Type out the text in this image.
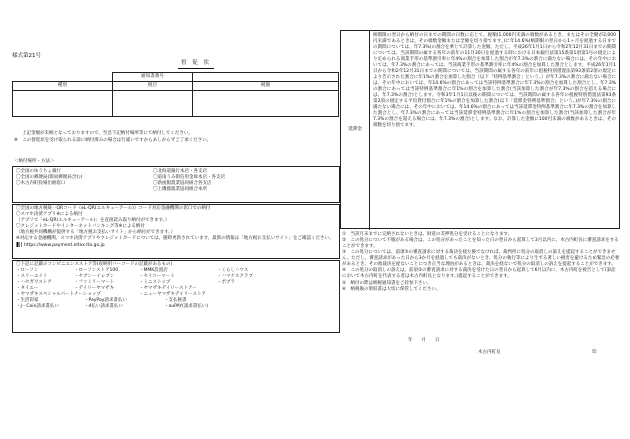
様式第21号
督 促 状
	通知書番号	
種別	税目	税額

上記金額が未納となっておりますので、至急下記納付場所等にて納付してください。
※　この督促状を受け取られる前に納付済みの場合は行違いですからあしからずご了承ください。
＜納付場所・方法＞
〇全国のゆうちょ銀行	〇北海道銀行本店・各支店
〇全国の郵便局(簡易郵便局含む)	〇道南うみ街信用金庫本店・各支店
〇木古内町役場出納窓口	〇新函館農業協同組合各支店
〇上磯郡漁業協同組合本所
〇全国の地方税統一QRコード（eL-QR(エルキューアール)）コード対応金融機関の窓口での納付
〇スマホ決済アプリ※による納付
（アプリで「eL-QR(エルキューアール)」を直接読み取り納付ができます。）
〇クレジットカードやインターネットバンキング等※による納付
（地方税共同機構が提供する「地方税お支払いサイト」から納付ができます。）
※対応する金融機関、スマホ決済アプリやクレジットカードについては、随時更新されています。最新の情報は「地方税お支払いサイト」をご確認ください。
https://www.payment.eltax.lta.go.jp
〇下記に記載のコンビニエンスストア等(収納用バーコードの記載があるもの)
・ローソン	・ローソンストア100	・MMK設置店	・くらしハウス
・スリーエイト	・セブン－イレブン	・セイコーマート	・ハマナスクラブ
・ハセガワストア	・ファミリーマート	・ミニストップ	・ポプラ
・タイエー	・デイリーヤマザキ	・ヤマザキデイリーストアー
・ヤマザキスペシャルパートナーショップ	・ニューヤマザキデイリーストア
・生活彩家	・PayPay請求書払い	・支払秘書
・J－Coin請求書払い	・d払い請求書払い	・auPAY(請求書払い)
延滞金
納期限の翌日から納付の日までの期間の日数に応じて、税額(1,000円未満の端数があるとき、またはその全額が2,000円未満であるときは、その端数金額または全額を切り捨てます。)に年14.6%(納期限の翌日から1ヶ月を経過する日までの期間については、年7.3%)の割合を乗じて計算した金額。ただし、平成26年1月1日から令和2年12月31日までの期間については、当該期間の属する各年の前年の11月30日を経過する時における日本銀行法第15条第1項第1号の規定により定められる商業手形の基準割引率に年4%の割合を加算した割合が年7.3%の割合に満たない場合には、その年中においては、年7.3%の割合にあっては、当該商業手形の基準割引率に年4%の割合を加算した割合とします。平成26年1月1日から令和2年12月31日までの期間については、当該期間の属する各年の前年に租税特別措置法第93条第2項の規定により告示された割合に年1%の割合を加算した割合（以下「特例基準割合」という。）が年7.3%の割合に満たない場合には、その年中においては、年14.6%の割合にあっては当該特例基準割合に年7.3%の割合を加算した割合とし、年7.3%の割合にあっては当該特例基準割合に年1%の割合を加算した割合(当該加算した割合が年7.3%の割合を超える場合には、年7.3%の割合)とします。令和3年1月1日以後の期間については、当該期間の属する各年の租税特別措置法第93条第2項の規定する平均貸付割合に年1%の割合を加算した割合(以下「延滞金特例基準割合」という。)が年7.3%の割合に満たない場合には、その年中においては、年14.6%の割合にあっては当該延滞金特例基準割合に年7.3%の割合を加算した割合とし、年7.3%の割合にあっては当該延滞金特例基準割合に年1%の割合を加算した割合(当該加算した割合が年7.3%の割合を超える場合には、年7.3%の割合)とします。なお、計算した金額に100円未満の端数があるときは、その端数を切り捨てます。
①　当該月末までに完納されないときは、財産の差押処分を受けることになります。
②　この処分について不服がある場合は、この処分があったことを知った日の翌日から起算して3月以内に、木古内町長に審査請求をすることができます。
③　この処分については、前項②の審査請求に対する裁決を経た後でなければ、裁判所に処分の取消しの訴えを提起することができません。ただし、審査請求があった日から3か月を経過しても裁決がないとき、処分の執行等により生ずる著しい損害を避けるため緊急の必要があるとき、その他裁決を経ないことにつき正当な理由があるときは、裁決を経ないで処分の取消しの訴えを提起することができます。
④　この処分の取消しの訴えは、前項②の審査請求に対する裁決を受けた日の翌日から起算して6月以内に、木古内町を被告として(訴訟において木古内町を代表する者は木古内町長となります。)提起することができます。
⑤　納付の際は納税通知書をご持参下さい。
⑥　納税後の領収書は大切に保管してください。
年　　月　　日
木古内町長	印
